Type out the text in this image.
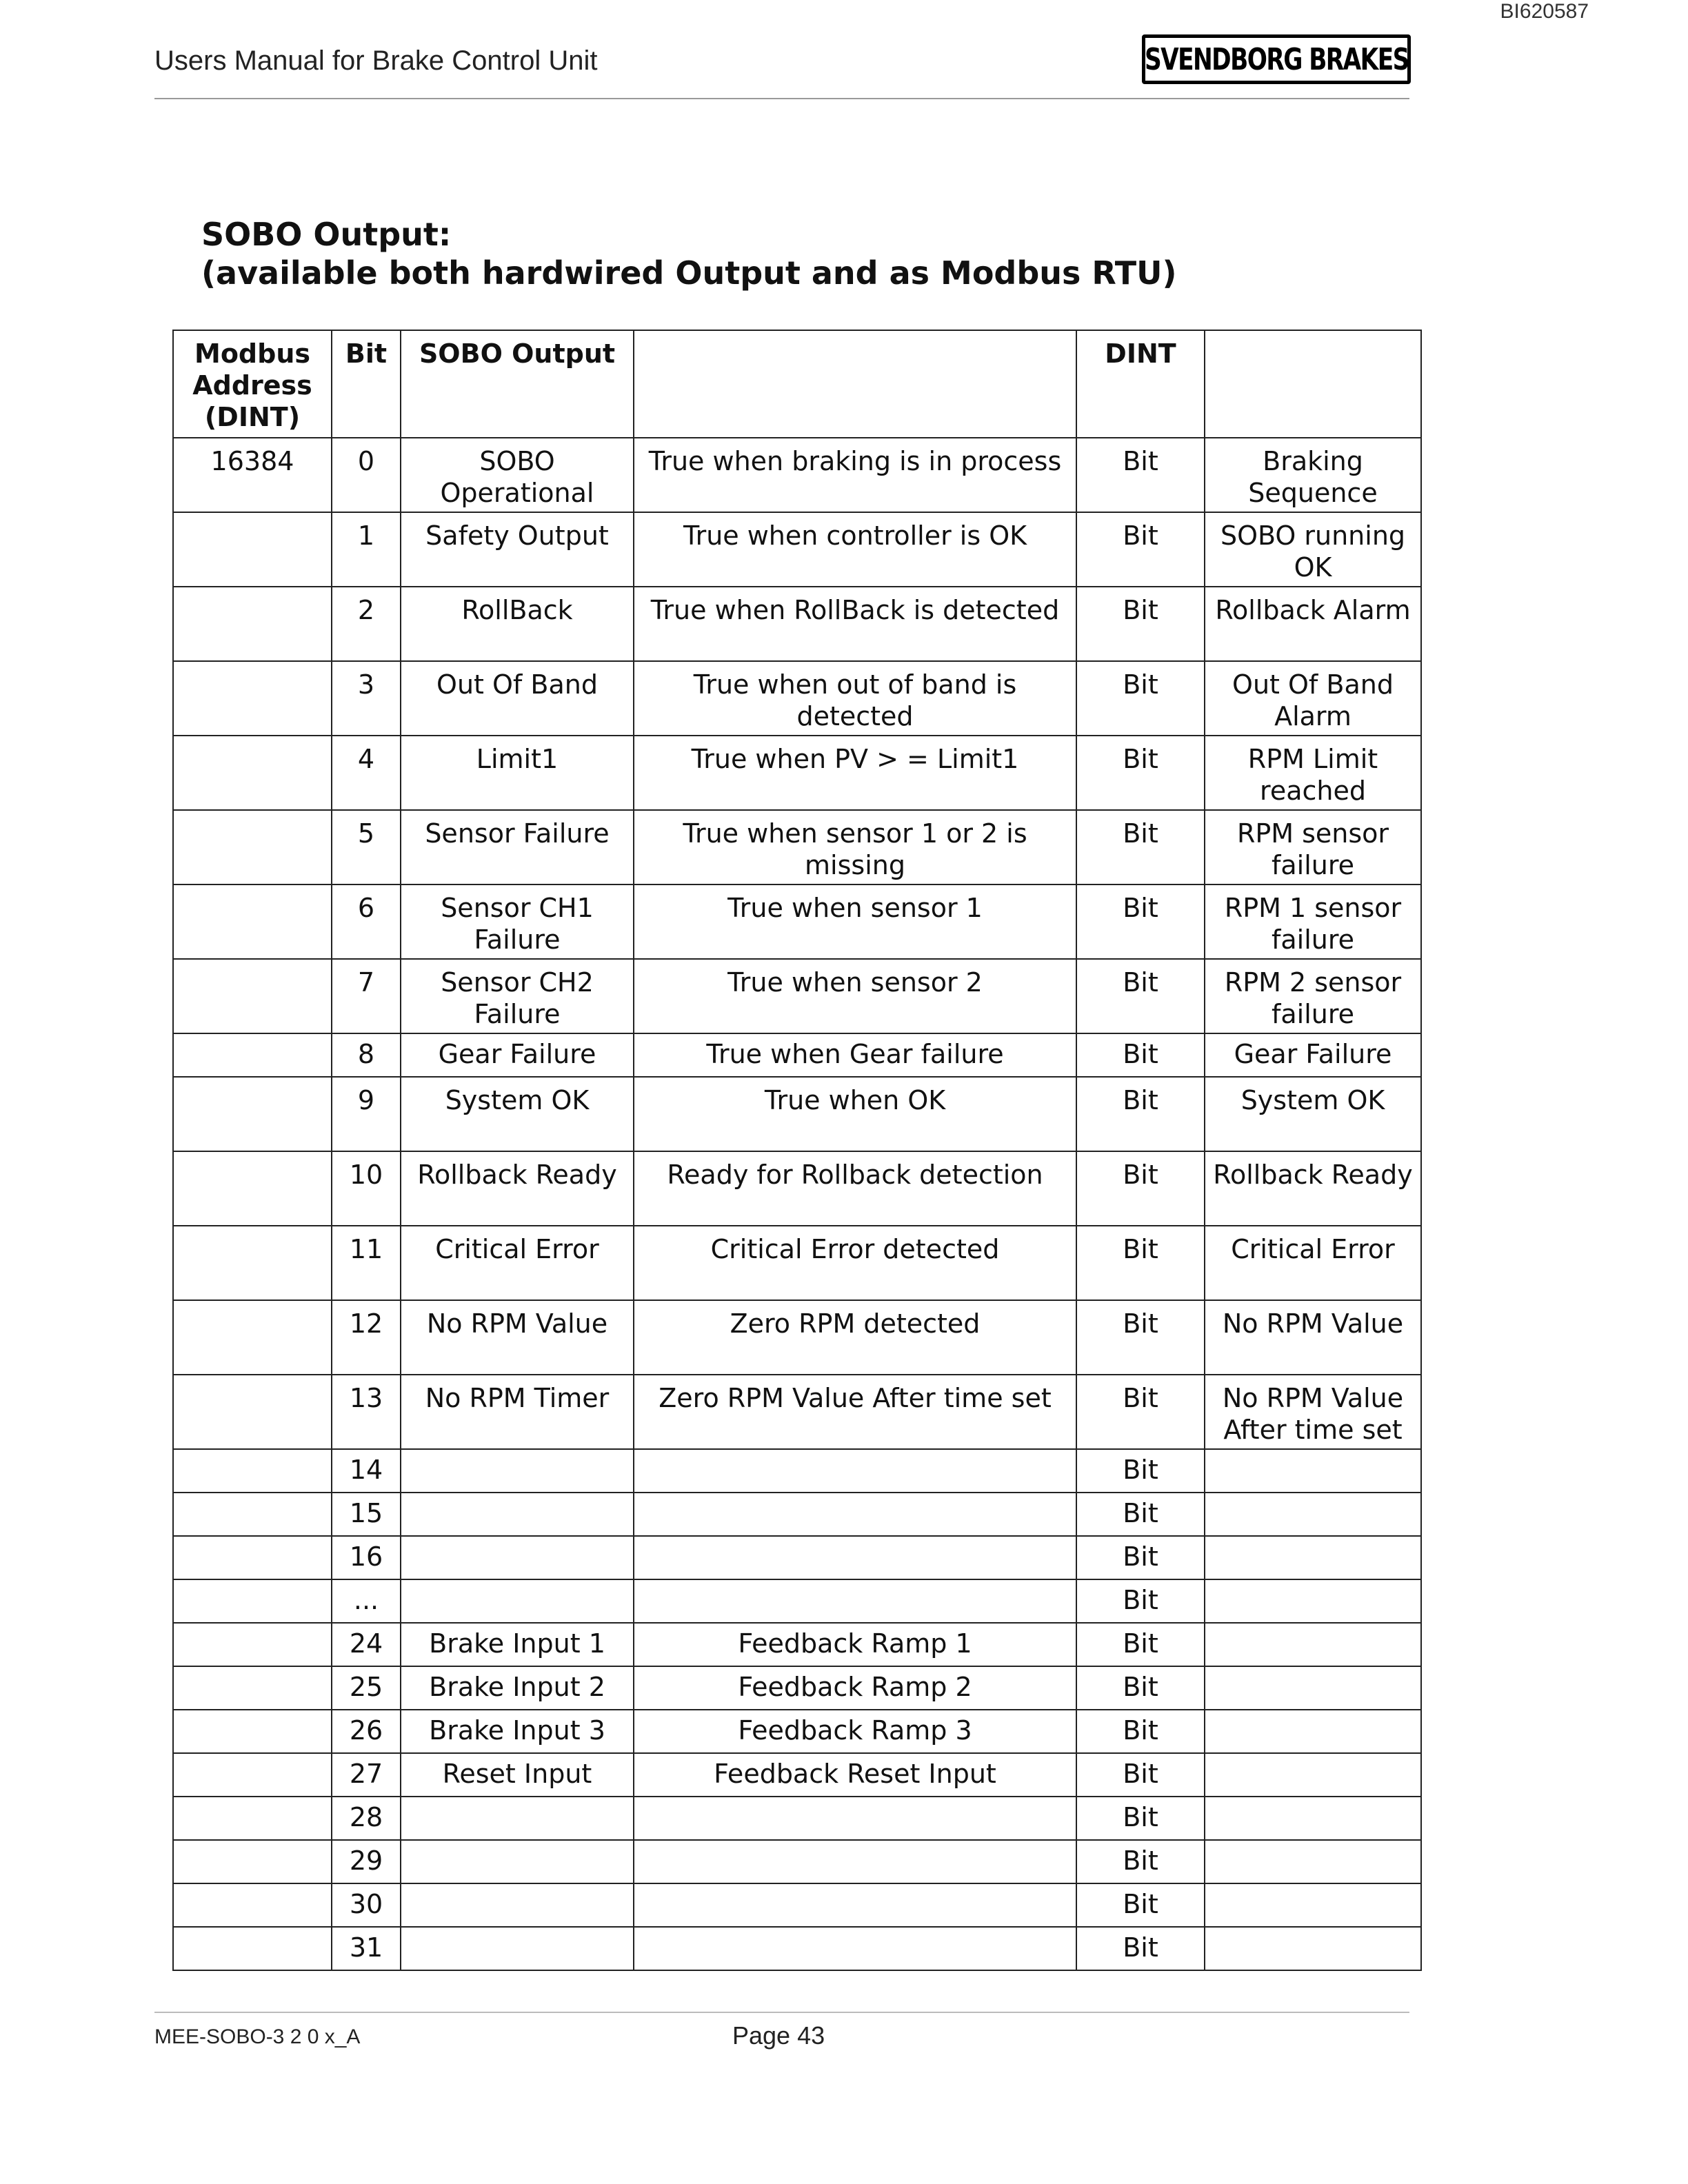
BI620587
Users Manual for Brake Control Unit	SVENDBORG BRAKES
SOBO Output:
(available both hardwired Output and as Modbus RTU)
Modbus Address (DINT)	Bit	SOBO Output		DINT	
16384	0	SOBO Operational	True when braking is in process	Bit	Braking Sequence
	1	Safety Output	True when controller is OK	Bit	SOBO running OK
	2	RollBack	True when RollBack is detected	Bit	Rollback Alarm
	3	Out Of Band	True when out of band is detected	Bit	Out Of Band Alarm
	4	Limit1	True when PV > = Limit1	Bit	RPM Limit reached
	5	Sensor Failure	True when sensor 1 or 2 is missing	Bit	RPM sensor failure
	6	Sensor CH1 Failure	True when sensor 1	Bit	RPM 1 sensor failure
	7	Sensor CH2 Failure	True when sensor 2	Bit	RPM 2 sensor failure
	8	Gear Failure	True when Gear failure	Bit	Gear Failure
	9	System OK	True when OK	Bit	System OK
	10	Rollback Ready	Ready for Rollback detection	Bit	Rollback Ready
	11	Critical Error	Critical Error detected	Bit	Critical Error
	12	No RPM Value	Zero RPM detected	Bit	No RPM Value
	13	No RPM Timer	Zero RPM Value After time set	Bit	No RPM Value After time set
	14			Bit	
	15			Bit	
	16			Bit	
	...			Bit	
	24	Brake Input 1	Feedback Ramp 1	Bit	
	25	Brake Input 2	Feedback Ramp 2	Bit	
	26	Brake Input 3	Feedback Ramp 3	Bit	
	27	Reset Input	Feedback Reset Input	Bit	
	28			Bit	
	29			Bit	
	30			Bit	
	31			Bit	
MEE-SOBO-3 2 0 x_A	Page 43
